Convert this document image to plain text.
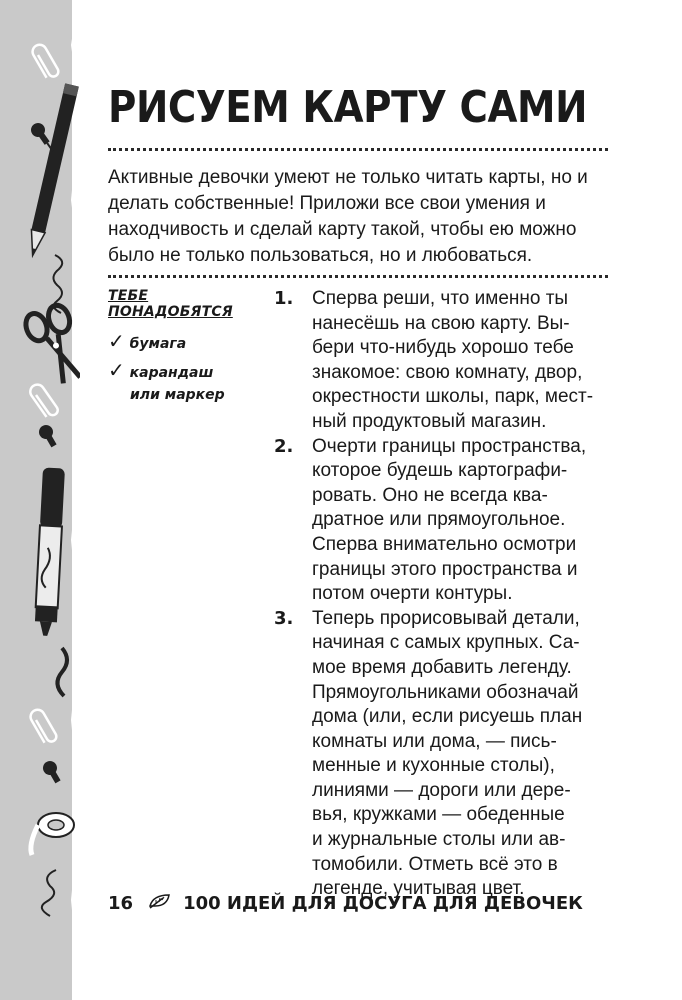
РИСУЕМ КАРТУ САМИ

Активные девочки умеют не только читать карты, но и делать собственные! Приложи все свои умения и находчивость и сделай карту такой, чтобы ею можно было не только пользоваться, но и любоваться.

ТЕБЕ ПОНАДОБЯТСЯ
✓ бумага
✓ карандаш
или маркер
1. Сперва реши, что именно ты
нанесёшь на свою карту. Вы-
бери что-нибудь хорошо тебе
знакомое: свою комнату, двор,
окрестности школы, парк, мест-
ный продуктовый магазин.
2. Очерти границы пространства,
которое будешь картографи-
ровать. Оно не всегда ква-
дратное или прямоугольное.
Сперва внимательно осмотри
границы этого пространства и
потом очерти контуры.
3. Теперь прорисовывай детали,
начиная с самых крупных. Са-
мое время добавить легенду.
Прямоугольниками обозначай
дома (или, если рисуешь план
комнаты или дома, — пись-
менные и кухонные столы),
линиями — дороги или дере-
вья, кружками — обеденные
и журнальные столы или ав-
томобили. Отметь всё это в
легенде, учитывая цвет.
16	100 ИДЕЙ ДЛЯ ДОСУГА ДЛЯ ДЕВОЧЕК
